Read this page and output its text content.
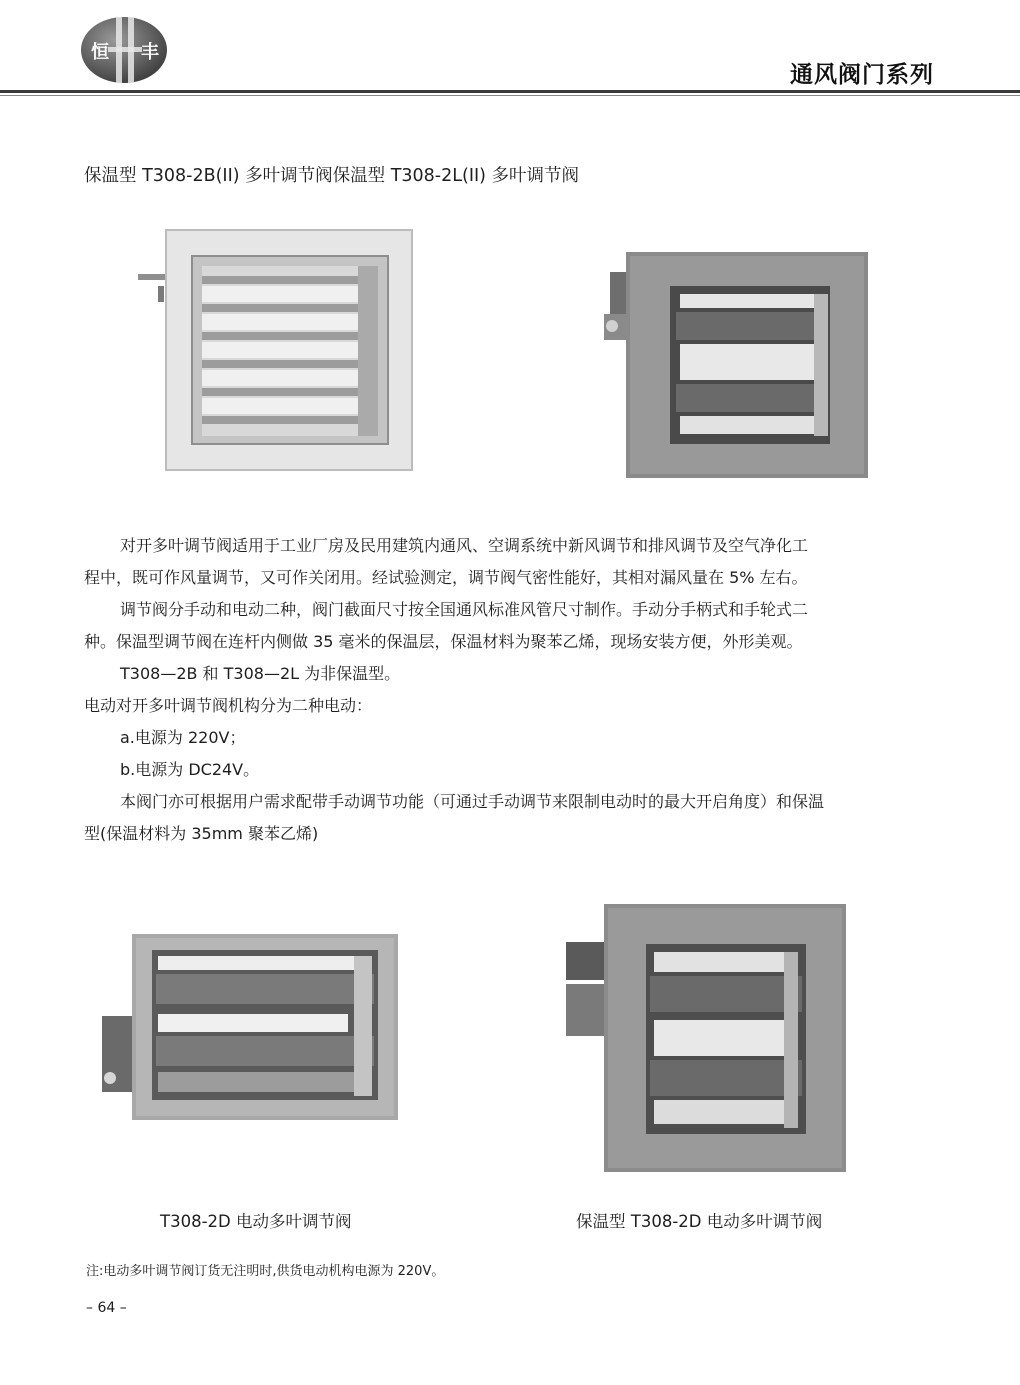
恒 丰
通风阀门系列
保温型 T308-2B(II) 多叶调节阀保温型 T308-2L(II) 多叶调节阀

对开多叶调节阀适用于工业厂房及民用建筑内通风、空调系统中新风调节和排风调节及空气净化工

程中，既可作风量调节，又可作关闭用。经试验测定，调节阀气密性能好，其相对漏风量在 5% 左右。

调节阀分手动和电动二种，阀门截面尺寸按全国通风标准风管尺寸制作。手动分手柄式和手轮式二

种。保温型调节阀在连杆内侧做 35 毫米的保温层，保温材料为聚苯乙烯，现场安装方便，外形美观。

T308—2B 和 T308—2L 为非保温型。

电动对开多叶调节阀机构分为二种电动：

a.电源为 220V；

b.电源为 DC24V。

本阀门亦可根据用户需求配带手动调节功能（可通过手动调节来限制电动时的最大开启角度）和保温

型(保温材料为 35mm 聚苯乙烯)

T308-2D 电动多叶调节阀	保温型 T308-2D 电动多叶调节阀
注:电动多叶调节阀订货无注明时,供货电动机构电源为 220V。
– 64 –
